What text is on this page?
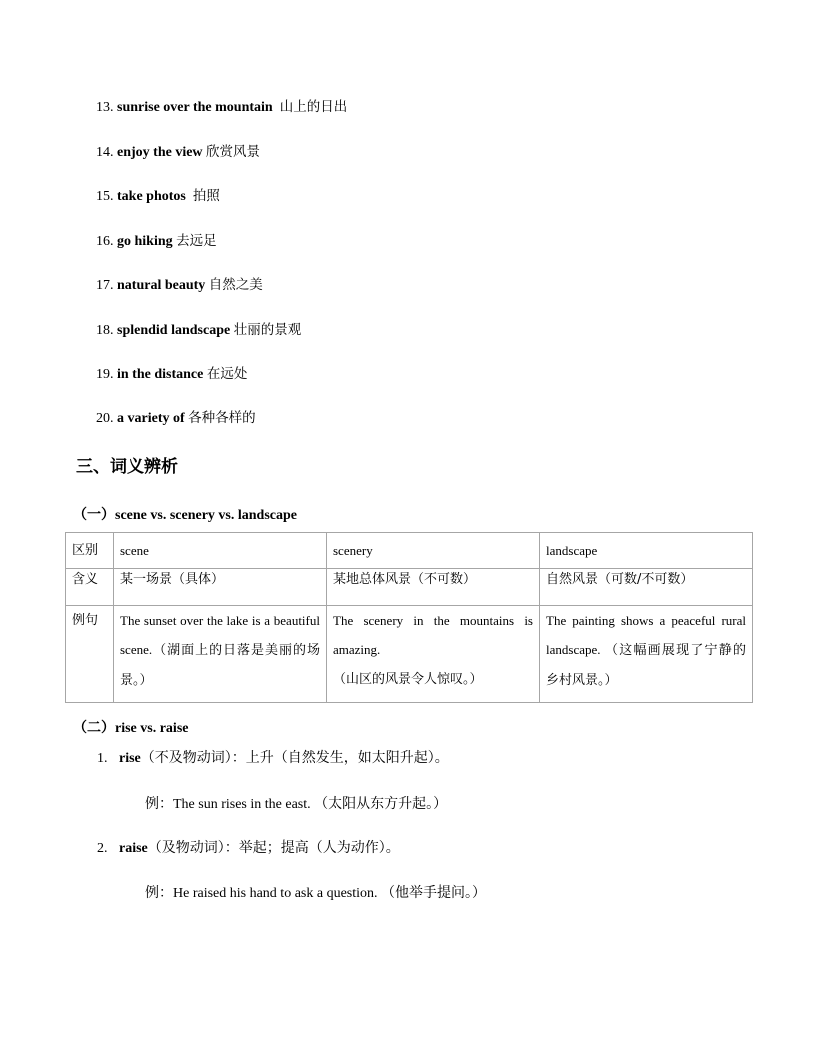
13. sunrise over the mountain 山上的日出
14. enjoy the view 欣赏风景
15. take photos 拍照
16. go hiking 去远足
17. natural beauty 自然之美
18. splendid landscape 壮丽的景观
19. in the distance 在远处
20. a variety of 各种各样的
三、词义辨析
（一）scene vs. scenery vs. landscape
区别	scene	scenery	landscape
含义	某一场景（具体）	某地总体风景（不可数）	自然风景（可数/不可数）
例句	The sunset over the lake is a beautiful scene.（湖面上的日落是美丽的场景。）	The scenery in the mountains is amazing. （山区的风景令人惊叹。）	The painting shows a peaceful rural landscape. （这幅画展现了宁静的乡村风景。）
（二）rise vs. raise
1. rise（不及物动词）：上升（自然发生，如太阳升起）。
例：The sun rises in the east. （太阳从东方升起。）
2. raise（及物动词）：举起；提高（人为动作）。
例：He raised his hand to ask a question. （他举手提问。）
